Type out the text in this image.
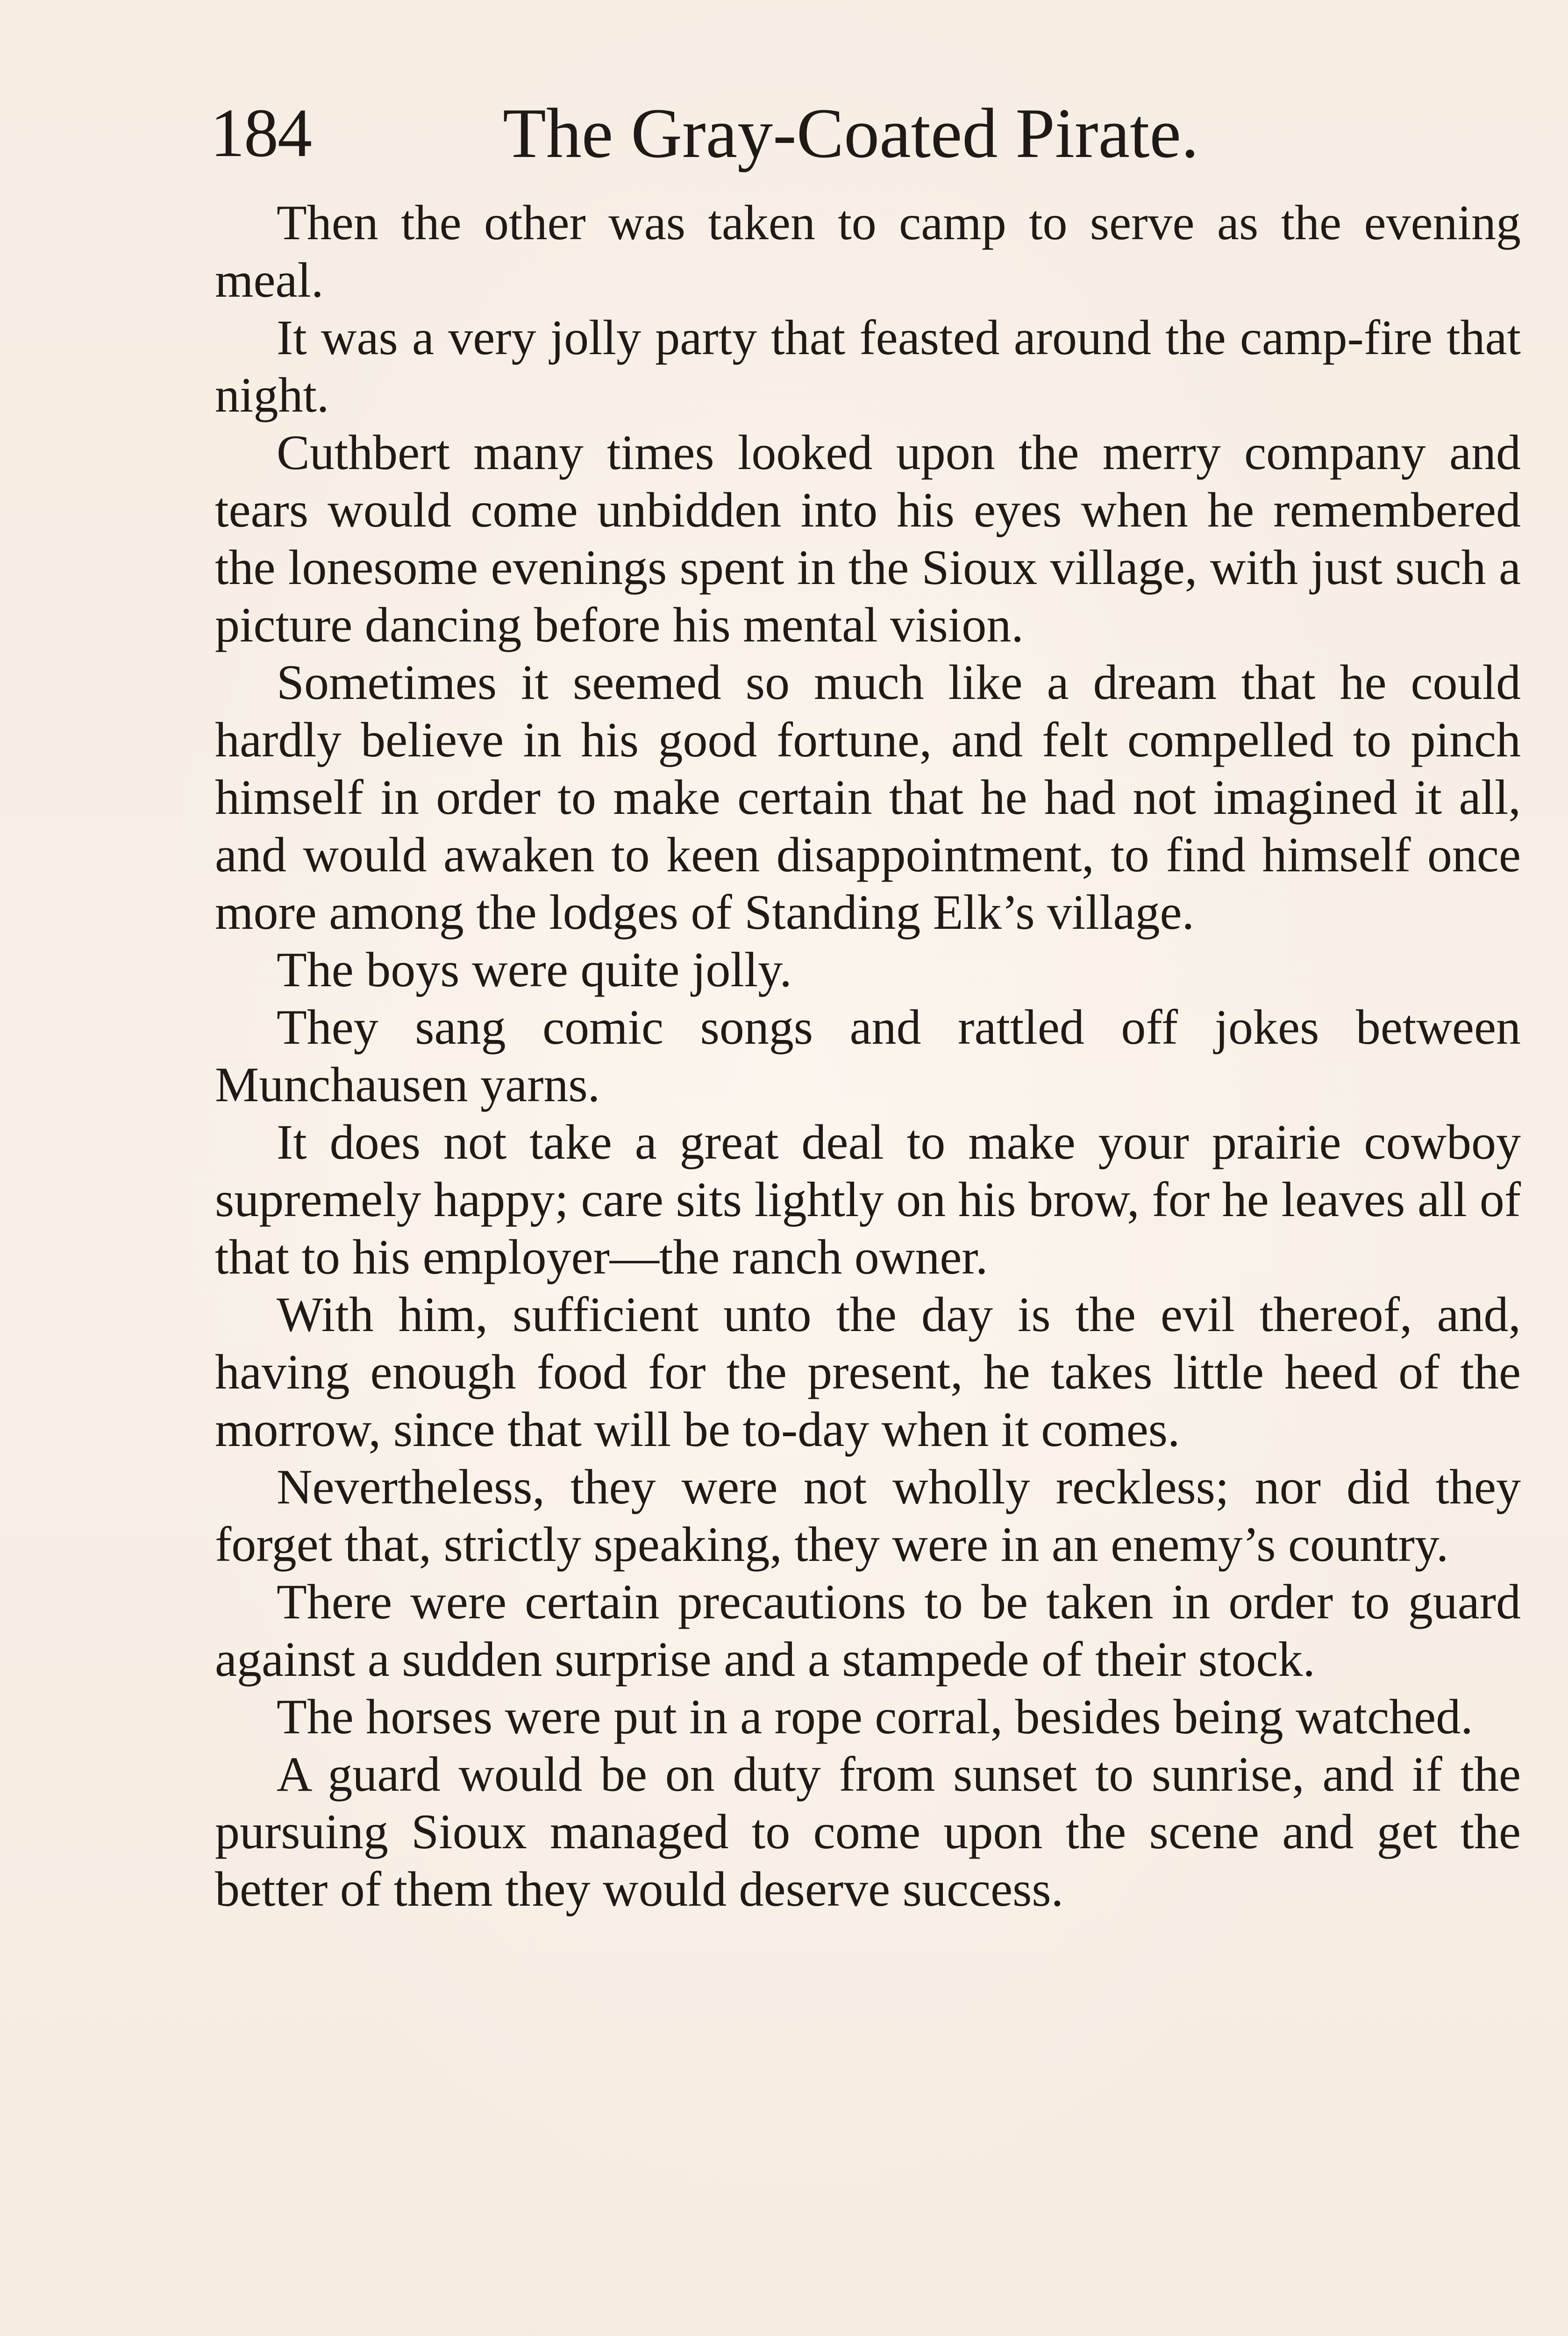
184	The Gray-Coated Pirate.

Then the other was taken to camp to serve as the evening meal.

It was a very jolly party that feasted around the camp-fire that night.

Cuthbert many times looked upon the merry company and tears would come unbidden into his eyes when he remembered the lonesome evenings spent in the Sioux village, with just such a picture dancing before his mental vision.

Sometimes it seemed so much like a dream that he could hardly believe in his good fortune, and felt compelled to pinch himself in order to make certain that he had not imagined it all, and would awaken to keen disappointment, to find himself once more among the lodges of Standing Elk’s village.

The boys were quite jolly.

They sang comic songs and rattled off jokes between Munchausen yarns.

It does not take a great deal to make your prairie cowboy supremely happy; care sits lightly on his brow, for he leaves all of that to his employer—the ranch owner.

With him, sufficient unto the day is the evil thereof, and, having enough food for the present, he takes little heed of the morrow, since that will be to-day when it comes.

Nevertheless, they were not wholly reckless; nor did they forget that, strictly speaking, they were in an enemy’s country.

There were certain precautions to be taken in order to guard against a sudden surprise and a stampede of their stock.

The horses were put in a rope corral, besides being watched.

A guard would be on duty from sunset to sunrise, and if the pursuing Sioux managed to come upon the scene and get the better of them they would deserve success.
